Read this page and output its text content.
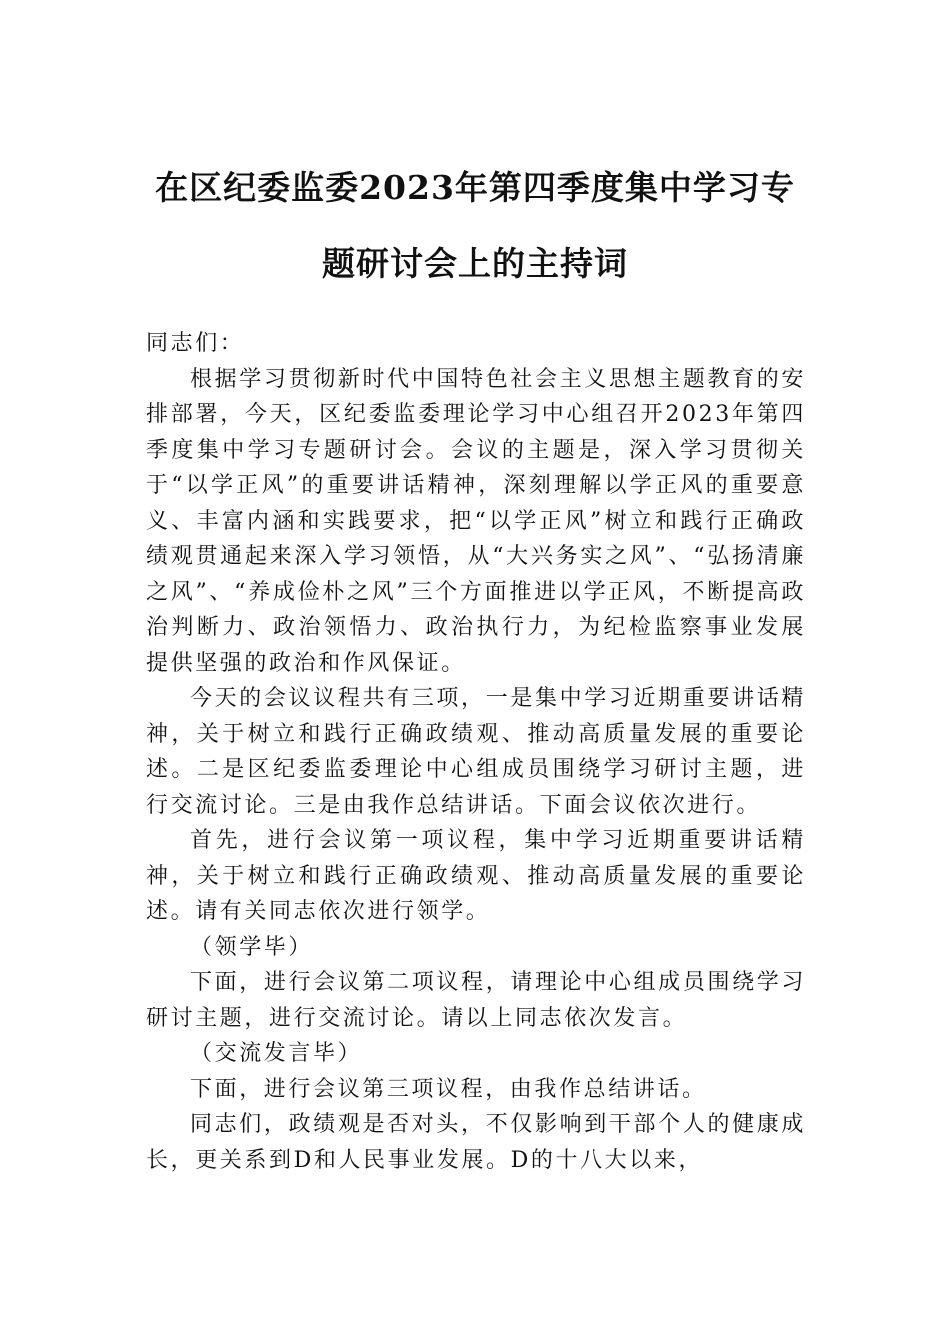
在区纪委监委2023年第四季度集中学习专
题研讨会上的主持词

同志们：

根据学习贯彻新时代中国特色社会主义思想主题教育的安排部署，今天，区纪委监委理论学习中心组召开2023年第四季度集中学习专题研讨会。会议的主题是，深入学习贯彻关于“以学正风”的重要讲话精神，深刻理解以学正风的重要意义、丰富内涵和实践要求，把“以学正风”树立和践行正确政绩观贯通起来深入学习领悟，从“大兴务实之风”、“弘扬清廉之风”、“养成俭朴之风”三个方面推进以学正风，不断提高政治判断力、政治领悟力、政治执行力，为纪检监察事业发展提供坚强的政治和作风保证。

今天的会议议程共有三项，一是集中学习近期重要讲话精神，关于树立和践行正确政绩观、推动高质量发展的重要论述。二是区纪委监委理论中心组成员围绕学习研讨主题，进行交流讨论。三是由我作总结讲话。下面会议依次进行。

首先，进行会议第一项议程，集中学习近期重要讲话精神，关于树立和践行正确政绩观、推动高质量发展的重要论述。请有关同志依次进行领学。

（领学毕）

下面，进行会议第二项议程，请理论中心组成员围绕学习研讨主题，进行交流讨论。请以上同志依次发言。

（交流发言毕）

下面，进行会议第三项议程，由我作总结讲话。

同志们，政绩观是否对头，不仅影响到干部个人的健康成长，更关系到D和人民事业发展。D的十八大以来，
